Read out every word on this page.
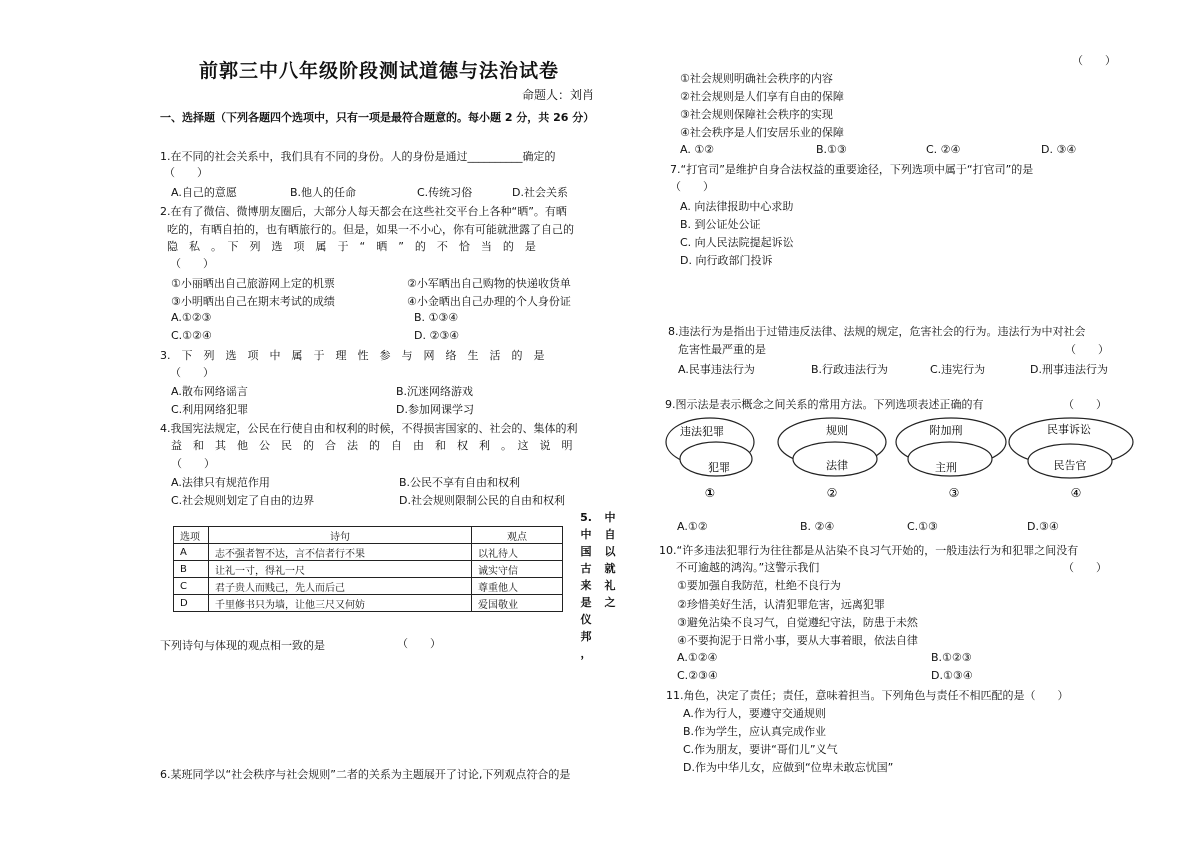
前郭三中八年级阶段测试道德与法治试卷
命题人：刘肖
一、选择题（下列各题四个选项中，只有一项是最符合题意的。每小题 2 分，共 26 分）
1.在不同的社会关系中，我们具有不同的身份。人的身份是通过__________确定的
（　　）
A.自己的意愿	B.他人的任命	C.传统习俗	D.社会关系
2.在有了微信、微博朋友圈后，大部分人每天都会在这些社交平台上各种“晒”。有晒
吃的，有晒自拍的，也有晒旅行的。但是，如果一不小心，你有可能就泄露了自己的
隐　私　。　下　列　选　项　属　于　“　晒　”　的　不　恰　当　的　是
（　　）
①小丽晒出自己旅游网上定的机票	②小军晒出自己购物的快递收货单
③小明晒出自己在期末考试的成绩	④小金晒出自己办理的个人身份证
A.①②③	B. ①③④
C.①②④	D. ②③④
3.　下　列　选　项　中　属　于　理　性　参　与　网　络　生　活　的　是
（　　）
A.散布网络谣言	B.沉迷网络游戏
C.利用网络犯罪	D.参加网课学习
4.我国宪法规定，公民在行使自由和权利的时候，不得损害国家的、社会的、集体的利
益　和　其　他　公　民　的　合　法　的　自　由　和　权　利　。　这　说　明
（　　）
A.法律只有规范作用	B.公民不享有自由和权利
C.社会规则划定了自由的边界	D.社会规则限制公民的自由和权利
选项	诗句	观点
A	志不强者智不达，言不信者行不果	以礼待人
B	让礼一寸，得礼一尺	诚实守信
C	君子贵人而贱己，先人而后己	尊重他人
D	千里修书只为墙，让他三尺又何妨	爱国敬业
5.
中
国
古
来
是
仪
邦
，
中
自
以
就
礼
之
下列诗句与体现的观点相一致的是	（　　）
6.某班同学以“社会秩序与社会规则”二者的关系为主题展开了讨论,下列观点符合的是
（　　）
①社会规则明确社会秩序的内容
②社会规则是人们享有自由的保障
③社会规则保障社会秩序的实现
④社会秩序是人们安居乐业的保障
A. ①②	B.①③	C. ②④	D. ③④
7.“打官司”是维护自身合法权益的重要途径，下列选项中属于“打官司”的是
（　　）
A. 向法律报助中心求助
B. 到公证处公证
C. 向人民法院提起诉讼
D. 向行政部门投诉
8.违法行为是指出于过错违反法律、法规的规定，危害社会的行为。违法行为中对社会
危害性最严重的是	（　　）
A.民事违法行为	B.行政违法行为	C.违宪行为	D.刑事违法行为
9.图示法是表示概念之间关系的常用方法。下列选项表述正确的有	（　　）
违法犯罪
犯罪
①
规则
法律
②
附加刑
主刑
③
民事诉讼
民告官
④
A.①②	B. ②④	C.①③	D.③④
10.“许多违法犯罪行为往往都是从沾染不良习气开始的，一般违法行为和犯罪之间没有
不可逾越的鸿沟。”这警示我们	（　　）
①要加强自我防范，杜绝不良行为
②珍惜美好生活，认清犯罪危害，远离犯罪
③避免沾染不良习气，自觉遵纪守法，防患于未然
④不要拘泥于日常小事，要从大事着眼，依法自律
A.①②④	B.①②③
C.②③④	D.①③④
11.角色，决定了责任；责任，意味着担当。下列角色与责任不相匹配的是（　　）
A.作为行人，要遵守交通规则
B.作为学生，应认真完成作业
C.作为朋友，要讲“哥们儿”义气
D.作为中华儿女，应做到“位卑未敢忘忧国”
